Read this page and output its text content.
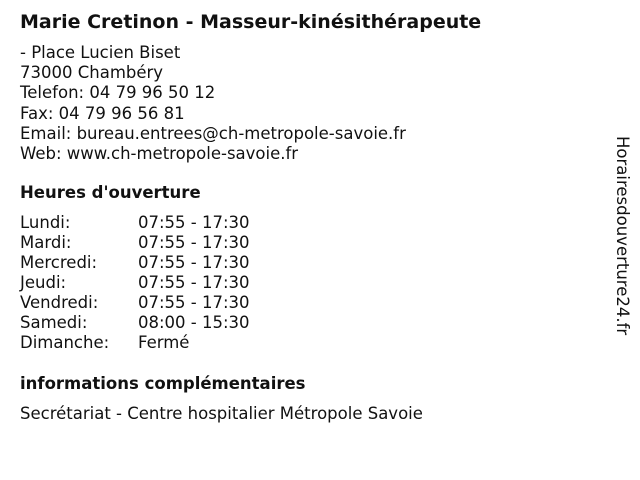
Marie Cretinon - Masseur-kinésithérapeute
- Place Lucien Biset
73000 Chambéry
Telefon: 04 79 96 50 12
Fax: 04 79 96 56 81
Email: bureau.entrees@ch-metropole-savoie.fr
Web: www.ch-metropole-savoie.fr
Heures d'ouverture
Lundi:	07:55 - 17:30
Mardi:	07:55 - 17:30
Mercredi:	07:55 - 17:30
Jeudi:	07:55 - 17:30
Vendredi:	07:55 - 17:30
Samedi:	08:00 - 15:30
Dimanche:	Fermé
informations complémentaires
Secrétariat - Centre hospitalier Métropole Savoie
Horairesdouverture24.fr
